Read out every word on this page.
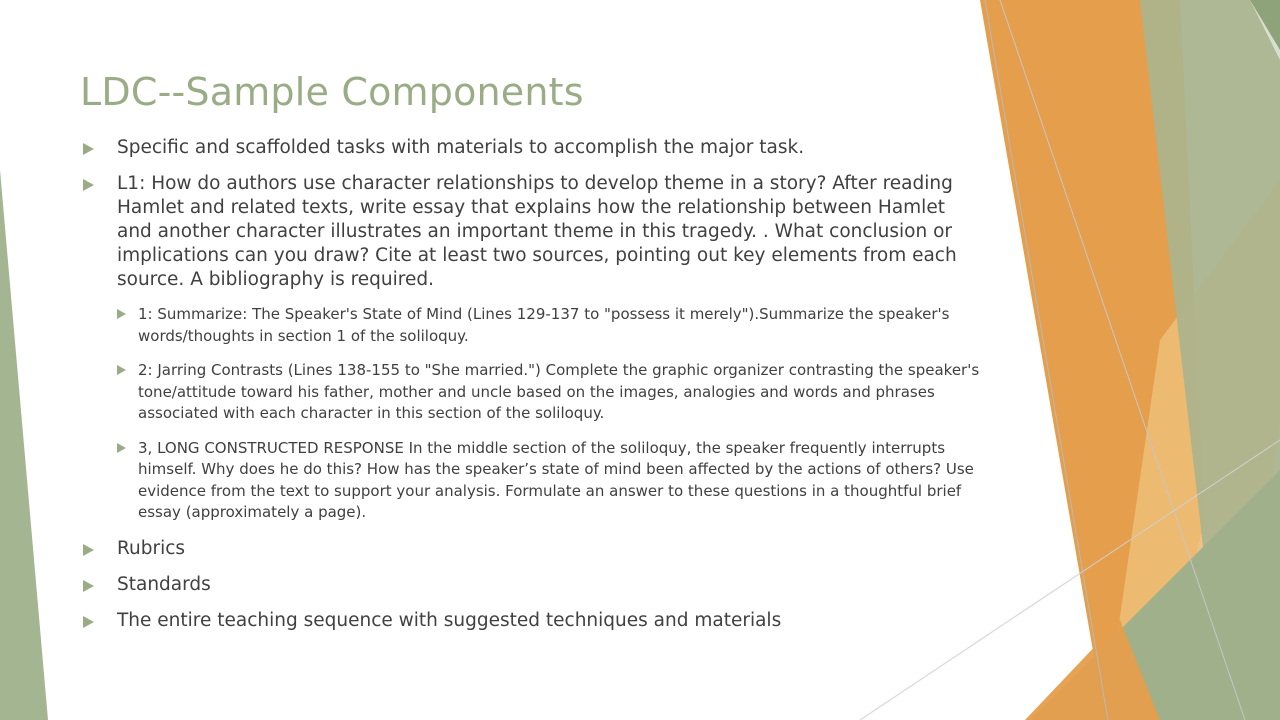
LDC--Sample Components
Specific and scaffolded tasks with materials to accomplish the major task.
L1: How do authors use character relationships to develop theme in a story? After reading Hamlet and related texts, write essay that explains how the relationship between Hamlet and another character illustrates an important theme in this tragedy. . What conclusion or implications can you draw? Cite at least two sources, pointing out key elements from each source. A bibliography is required.
1: Summarize: The Speaker's State of Mind (Lines 129-137 to "possess it merely").Summarize the speaker's words/thoughts in section 1 of the soliloquy.
2: Jarring Contrasts (Lines 138-155 to "She married.") Complete the graphic organizer contrasting the speaker's tone/attitude toward his father, mother and uncle based on the images, analogies and words and phrases associated with each character in this section of the soliloquy.
3, LONG CONSTRUCTED RESPONSE In the middle section of the soliloquy, the speaker frequently interrupts himself. Why does he do this? How has the speaker’s state of mind been affected by the actions of others? Use evidence from the text to support your analysis. Formulate an answer to these questions in a thoughtful brief essay (approximately a page).
Rubrics
Standards
The entire teaching sequence with suggested techniques and materials
